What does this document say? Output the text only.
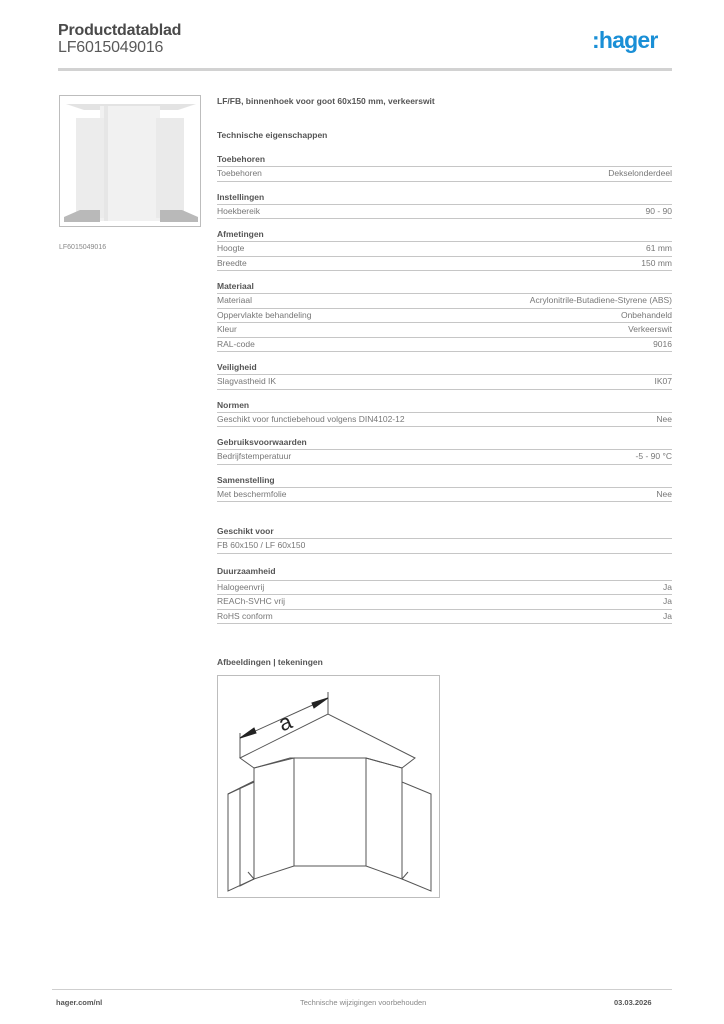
Productdatablad
LF6015049016	:hager
LF6015049016
LF/FB, binnenhoek voor goot 60x150 mm, verkeerswit
Technische eigenschappen
Toebehoren
Toebehoren	Dekselonderdeel
Instellingen
Hoekbereik	90 - 90
Afmetingen
Hoogte	61 mm
Breedte	150 mm
Materiaal
Materiaal	Acrylonitrile-Butadiene-Styrene (ABS)
Oppervlakte behandeling	Onbehandeld
Kleur	Verkeerswit
RAL-code	9016
Veiligheid
Slagvastheid IK	IK07
Normen
Geschikt voor functiebehoud volgens DIN4102-12	Nee
Gebruiksvoorwaarden
Bedrijfstemperatuur	-5 - 90 °C
Samenstelling
Met beschermfolie	Nee
Geschikt voor
FB 60x150 / LF 60x150
Duurzaamheid
Halogeenvrij	Ja
REACh-SVHC vrij	Ja
RoHS conform	Ja
Afbeeldingen | tekeningen
a
hager.com/nl	Technische wijzigingen voorbehouden	03.03.2026
